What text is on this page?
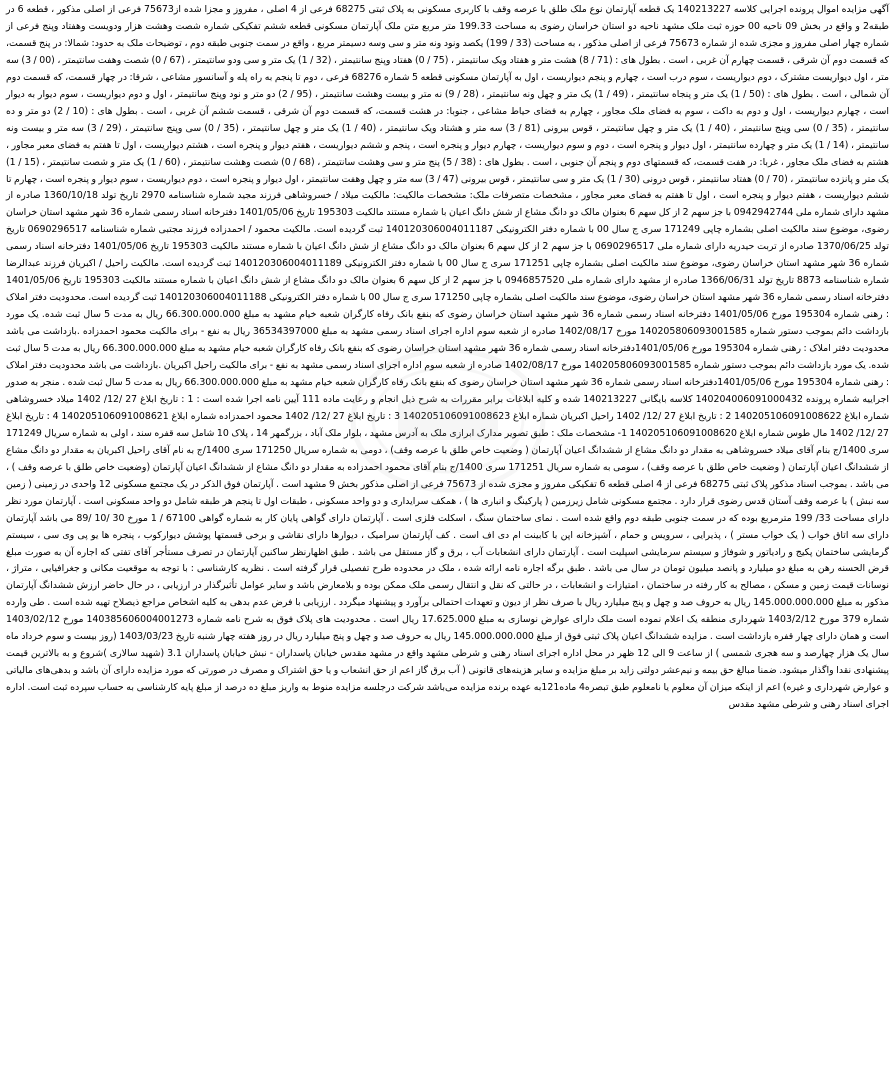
آگهی مزایده اموال پرونده اجرایی کلاسه 140213227 یک قطعه آپارتمان نوع ملک طلق با عرصه وقف با کاربری مسکونی به پلاک ثبتی 68275 فرعی از 4 اصلی ، مفروز و مجزا شده از75673 فرعی از اصلی مذکور ، قطعه 6 در طبقه2 و واقع در بخش 09 ناحیه 00 حوزه ثبت ملک مشهد ناحیه دو استان خراسان رضوی به مساحت 199.33 متر مربع متن ملک آپارتمان مسکونی قطعه ششم تفکیکی شماره شصت وهشت هزار ودویست وهفتاد وپنج فرعی از شماره چهار اصلی مفروز و مجزی شده از شماره 75673 فرعی از اصلی مذکور ، به مساحت (33 / 199) یکصد ونود ونه متر و سی وسه دسیمتر مربع ، واقع در سمت جنوبی طبقه دوم ، توضیحات ملک به حدود: شمالا: در پنج قسمت، که قسمت دوم آن شرقی ، قسمت چهارم آن غربی ، است . بطول های : (71 / 8) هشت متر و هفتاد ویک سانتیمتر ، (75 / 0) هفتاد وپنج سانتیمتر ، (32 / 1) یک متر و سی ودو سانتیمتر ، (67 / 0) شصت وهفت سانتیمتر ، (00 / 3) سه متر ، اول دیواریست مشترک ، دوم دیواریست ، سوم درب است ، چهارم و پنجم دیواریست ، اول به آپارتمان مسکونی قطعه 5 شماره 68276 فرعی ، دوم تا پنجم به راه پله و آسانسور مشاعی ، شرقا: در چهار قسمت، که قسمت دوم آن شمالی ، است . بطول های : (50 / 1) یک متر و پنجاه سانتیمتر ، (49 / 1) یک متر و چهل ونه سانتیمتر ، (28 / 9) نه متر و بیست وهشت سانتیمتر ، (95 / 2) دو متر و نود وپنج سانتیمتر ، اول و دوم دیواریست ، سوم دیوار به دیوار است ، چهارم دیواریست ، اول و دوم به داکت ، سوم به فضای ملک مجاور ، چهارم به فضای حیاط مشاعی ، جنوبا: در هشت قسمت، که قسمت دوم آن شرقی ، قسمت ششم آن غربی ، است . بطول های : (10 / 2) دو متر و ده سانتیمتر ، (35 / 0) سی وپنج سانتیمتر ، (40 / 1) یک متر و چهل سانتیمتر ، قوس بیرونی (81 / 3) سه متر و هشتاد ویک سانتیمتر ، (40 / 1) یک متر و چهل سانتیمتر ، (35 / 0) سی وپنج سانتیمتر ، (29 / 3) سه متر و بیست ونه سانتیمتر ، (14 / 1) یک متر و چهارده سانتیمتر ، اول دیوار و پنجره است ، دوم و سوم دیواریست ، چهارم دیوار و پنجره است ، پنجم و ششم دیواریست ، هفتم دیوار و پنجره است ، هشتم دیواریست ، اول تا هفتم به فضای معبر مجاور ، هشتم به فضای ملک مجاور ، غربا: در هفت قسمت، که قسمتهای دوم و پنجم آن جنوبی ، است . بطول های : (38 / 5) پنج متر و سی وهشت سانتیمتر ، (68 / 0) شصت وهشت سانتیمتر ، (60 / 1) یک متر و شصت سانتیمتر ، (15 / 1) یک متر و پانزده سانتیمتر ، (70 / 0) هفتاد سانتیمتر ، قوس درونی (30 / 1) یک متر و سی سانتیمتر ، قوس بیرونی (47 / 3) سه متر و چهل وهفت سانتیمتر ، اول دیوار و پنجره است ، دوم دیواریست ، سوم دیوار و پنجره است ، چهارم تا ششم دیواریست ، هفتم دیوار و پنجره است ، اول تا هفتم به فضای معبر مجاور ، مشخصات متصرفات ملک: مشخصات مالکیت: مالکیت میلاد / خسروشاهی فرزند مجید شماره شناسنامه 2970 تاریخ تولد 1360/10/18 صادره از مشهد دارای شماره ملی 0942942744 با جز سهم 2 از کل سهم 6 بعنوان مالک دو دانگ مشاع از شش دانگ اعیان با شماره مستند مالکیت 195303 تاریخ 1401/05/06 دفترخانه اسناد رسمی شماره 36 شهر مشهد استان خراسان رضوی، موضوع سند مالکیت اصلی بشماره چاپی 171249 سری ج سال 00 با شماره دفتر الکترونیکی 140120306004011187 ثبت گردیده است. مالکیت محمود / احمدزاده فرزند مجتبی شماره شناسنامه 0690296517 تاریخ تولد 1370/06/25 صادره از تربت حیدریه دارای شماره ملی 0690296517 با جز سهم 2 از کل سهم 6 بعنوان مالک دو دانگ مشاع از شش دانگ اعیان با شماره مستند مالکیت 195303 تاریخ 1401/05/06 دفترخانه اسناد رسمی شماره 36 شهر مشهد استان خراسان رضوی، موضوع سند مالکیت اصلی بشماره چاپی 171251 سری ج سال 00 با شماره دفتر الکترونیکی 140120306004011189 ثبت گردیده است. مالکیت راحیل / اکبریان فرزند عبدالرضا شماره شناسنامه 8873 تاریخ تولد 1366/06/31 صادره از مشهد دارای شماره ملی 0946857520 با جز سهم 2 از کل سهم 6 بعنوان مالک دو دانگ مشاع از شش دانگ اعیان با شماره مستند مالکیت 195303 تاریخ 1401/05/06 دفترخانه اسناد رسمی شماره 36 شهر مشهد استان خراسان رضوی، موضوع سند مالکیت اصلی بشماره چاپی 171250 سری ج سال 00 با شماره دفتر الکترونیکی 140120306004011188 ثبت گردیده است. محدودیت دفتر املاک : رهنی شماره 195304 مورخ 1401/05/06 دفترخانه اسناد رسمی شماره 36 شهر مشهد استان خراسان رضوی که بنفع بانک رفاه کارگران شعبه خیام مشهد به مبلغ 66.300.000.000 ریال به مدت 5 سال ثبت شده. یک مورد بازداشت دائم بموجب دستور شماره 140205806093001585 مورخ 1402/08/17 صادره از شعبه سوم اداره اجرای اسناد رسمی مشهد به مبلغ 36534397000 ریال به نفع - برای مالکیت محمود احمدزاده .بازداشت می باشد محدودیت دفتر املاک : رهنی شماره 195304 مورخ 1401/05/06دفترخانه اسناد رسمی شماره 36 شهر مشهد استان خراسان رضوی که بنفع بانک رفاه کارگران شعبه خیام مشهد به مبلغ 66.300.000.000 ریال به مدت 5 سال ثبت شده. یک مورد بازداشت دائم بموجب دستور شماره 140205806093001585 مورخ 1402/08/17 صادره از شعبه سوم اداره اجرای اسناد رسمی مشهد به نفع - برای مالکیت راحیل اکبریان .بازداشت می باشد محدودیت دفتر املاک : رهنی شماره 195304 مورخ 1401/05/06دفترخانه اسناد رسمی شماره 36 شهر مشهد استان خراسان رضوی که بنفع بانک رفاه کارگران شعبه خیام مشهد به مبلغ 66.300.000.000 ریال به مدت 5 سال ثبت شده . منجر به صدور اجراییه شماره پرونده 140204006091000432 کلاسه بایگانی 140213227 شده و کلیه ابلاغات برابر مقررات به شرح ذیل انجام و رعایت ماده 111 آیین نامه اجرا شده است : 1 : تاریخ ابلاغ 27 /12/ 1402 میلاد خسروشاهی شماره ابلاغ 140205106091008622 2 : تاریخ ابلاغ 27 /12/ 1402 راحیل اکبریان شماره ابلاغ 140205106091008623 3 : تاریخ ابلاغ 27 /12/ 1402 محمود احمدزاده شماره ابلاغ 140205106091008621 4 : تاریخ ابلاغ 27 /12/ 1402 مال طوس شماره ابلاغ 140205106091008620 1- مشخصات ملک : طبق تصویر مدارک ابرازی ملک به آدرس مشهد ، بلوار ملک آباد ، بزرگمهر 14 ، پلاک 10 شامل سه قفره سند ، اولی به شماره سریال 171249 سری 1400/ج بنام آقای میلاد خسروشاهی به مقدار دو دانگ مشاع از ششدانگ اعیان آپارتمان ( وضعیت خاص طلق با عرصه وقف) ، دومی به شماره سریال 171250 سری 1400/ج به نام آقای راحیل اکبریان به مقدار دو دانگ مشاع از ششدانگ اعیان آپارتمان ( وضعیت خاص طلق با عرصه وقف) ، سومی به شماره سریال 171251 سری 1400/ج بنام آقای محمود احمدزاده به مقدار دو دانگ مشاع از ششدانگ اعیان آپارتمان (وضعیت خاص طلق با عرصه وقف ) ، می باشد . بموجب اسناد مذکور پلاک ثبتی 68275 فرعی از 4 اصلی قطعه 6 تفکیکی مفروز و مجزی شده از 75673 فرعی از اصلی مذکور بخش 9 مشهد است . آپارتمان فوق الذکر در یک مجتمع مسکونی 12 واحدی در زمینی ( زمین سه نبش ) با عرصه وقف آستان قدس رضوی قرار دارد . مجتمع مسکونی شامل زیرزمین ( پارکینگ و انباری ها ) ، همکف سرایداری و دو واحد مسکونی ، طبقات اول تا پنجم هر طبقه شامل دو واحد مسکونی است . آپارتمان مورد نظر دارای مساحت 33/ 199 مترمربع بوده که در سمت جنوبی طبقه دوم واقع شده است . نمای ساختمان سنگ ، اسکلت فلزی است . آپارتمان دارای گواهی پایان کار به شماره گواهی 67100 / 1 مورخ 30 /10 /89 می باشد آپارتمان دارای سه اتاق خواب ( یک خواب مستر ) ، پذیرایی ، سرویس و حمام ، آشپزخانه اپن با کابینت ام دی اف است . کف آپارتمان سرامیک ، دیوارها دارای نقاشی و برخی قسمتها پوشش دیوارکوب ، پنجره ها یو پی وی سی ، سیستم گرمایشی ساختمان پکیج و رادیاتور و شوفاژ و سیستم سرمایشی اسپلیت است . آپارتمان دارای انشعابات آب ، برق و گاز مستقل می باشد . طبق اظهارنظر ساکنین آپارتمان در تصرف مستأجر آقای تفتی که اجاره آن به صورت مبلغ قرض الحسنه رهن به مبلغ دو میلیارد و پانصد میلیون تومان در سال می باشد . طبق برگه اجاره نامه ارائه شده ، ملک در محدوده طرح تفصیلی قرار گرفته است . نظریه کارشناسی : با توجه به موقعیت مکانی و جغرافیایی ، متراژ ، نوسانات قیمت زمین و مسکن ، مصالح به کار رفته در ساختمان ، امتیازات و انشعابات ، در حالتی که نقل و انتقال رسمی ملک ممکن بوده و بلامعارض باشد و سایر عوامل تأثیرگذار در ارزیابی ، در حال حاضر ارزش ششدانگ آپارتمان مذکور به مبلغ 145.000.000.000 ریال به حروف صد و چهل و پنج میلیارد ریال با صرف نظر از دیون و تعهدات احتمالی برآورد و پیشنهاد میگردد . ارزیابی با فرض عدم بدهی به کلیه اشخاص مراجع ذیصلاح تهیه شده است . طی وارده شماره 379 مورخ 1403/2/12 شهرداری منطقه یک اعلام نموده است ملک دارای عوارض نوسازی به مبلغ 17.625.000 ریال است . محدودیت های پلاک فوق به شرح نامه شماره 140385606004001273 مورخ 1403/02/12 است و همان دارای چهار قفره بازداشت است . مزایده ششدانگ اعیان پلاک ثبتی فوق از مبلغ 145.000.000.000 ریال به حروف صد و چهل و پنج میلیارد ریال در روز هفته چهار شنبه تاریخ 1403/03/23 (روز بیست و سوم خرداد ماه سال یک هزار چهارصد و سه هجری شمسی ) از ساعت 9 الی 12 ظهر در محل اداره اجرای اسناد رهنی و شرطی مشهد واقع در مشهد مقدس خیابان پاسداران - نبش خیابان پاسداران 3.1 (شهید سالاری )شروع و به بالاترین قیمت پیشنهادی نقدا واگذار میشود. ضمنا مبالغ حق بیمه و نیم‌عشر دولتی زاید بر مبلغ مزایده و سایر هزینه‌های قانونی ( آب برق گاز اعم از حق انشعاب و یا حق اشتراک و مصرف در صورتی که مورد مزایده دارای آن باشد و بدهی‌های مالیاتی و عوارض شهرداری و غیره) اعم از اینکه میزان آن معلوم یا نامعلوم طبق تبصره4 ماده121به عهده برنده مزایده می‌باشد شرکت درجلسه مزایده منوط به واریز مبلغ ده درصد از مبلغ پایه کارشناسی به حساب سپرده ثبت است. اداره اجرای اسناد رهنی و شرطی مشهد مقدس
